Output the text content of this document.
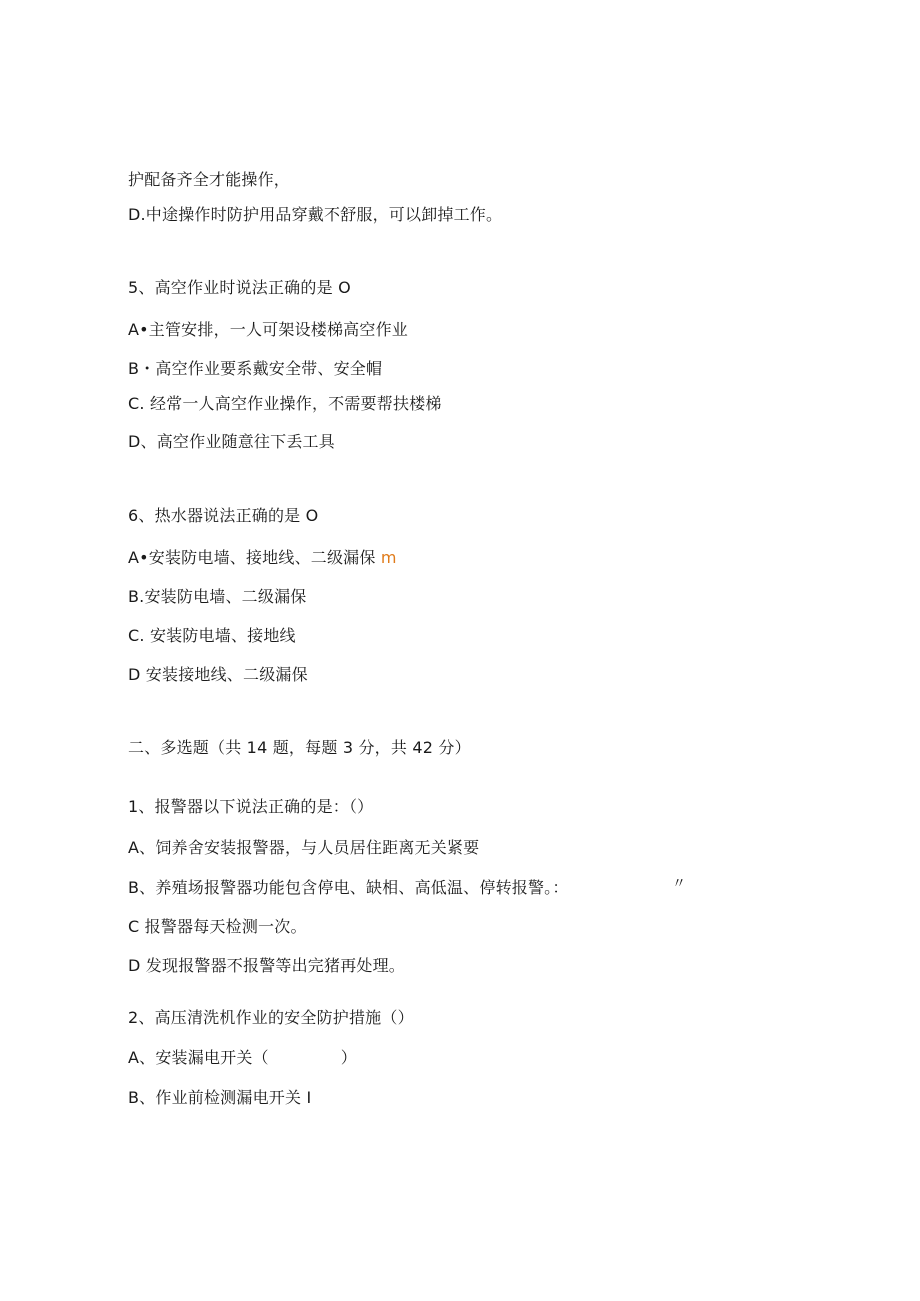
护配备齐全才能操作，
D.中途操作时防护用品穿戴不舒服，可以卸掉工作。
5、高空作业时说法正确的是 O
A•主管安排，一人可架设楼梯高空作业
B・高空作业要系戴安全带、安全帽
C. 经常一人高空作业操作，不需要帮扶楼梯
D、高空作业随意往下丢工具
6、热水器说法正确的是 O
A•安装防电墙、接地线、二级漏保 m
B.安装防电墙、二级漏保
C. 安装防电墙、接地线
D 安装接地线、二级漏保
二、多选题（共 14 题，每题 3 分，共 42 分）
1、报警器以下说法正确的是：（）
A、饲养舍安装报警器，与人员居住距离无关紧要
B、养殖场报警器功能包含停电、缺相、高低温、停转报警。：	〃
C 报警器每天检测一次。
D 发现报警器不报警等出完猪再处理。
2、高压清洗机作业的安全防护措施（）
A、安装漏电开关（	）
B、作业前检测漏电开关 I
